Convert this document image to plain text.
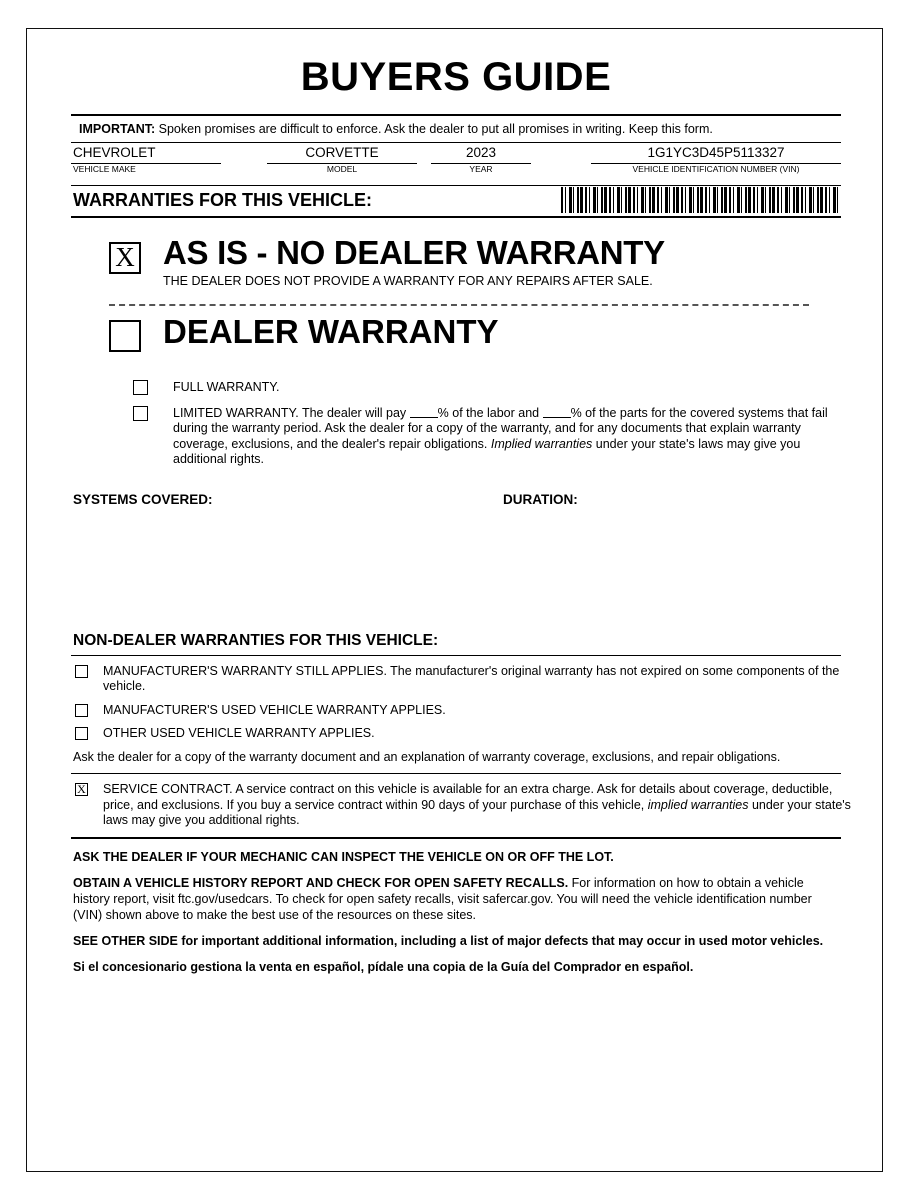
BUYERS GUIDE
IMPORTANT: Spoken promises are difficult to enforce. Ask the dealer to put all promises in writing. Keep this form.
CHEVROLET
VEHICLE MAKE
CORVETTE
MODEL
2023
YEAR
1G1YC3D45P5113327
VEHICLE IDENTIFICATION NUMBER (VIN)
WARRANTIES FOR THIS VEHICLE:
X AS IS - NO DEALER WARRANTY
THE DEALER DOES NOT PROVIDE A WARRANTY FOR ANY REPAIRS AFTER SALE.
DEALER WARRANTY
FULL WARRANTY.
LIMITED WARRANTY. The dealer will pay % of the labor and % of the parts for the covered systems that fail during the warranty period. Ask the dealer for a copy of the warranty, and for any documents that explain warranty coverage, exclusions, and the dealer's repair obligations. Implied warranties under your state's laws may give you additional rights.
SYSTEMS COVERED:	DURATION:
NON-DEALER WARRANTIES FOR THIS VEHICLE:
MANUFACTURER'S WARRANTY STILL APPLIES. The manufacturer's original warranty has not expired on some components of the vehicle.
MANUFACTURER'S USED VEHICLE WARRANTY APPLIES.
OTHER USED VEHICLE WARRANTY APPLIES.
Ask the dealer for a copy of the warranty document and an explanation of warranty coverage, exclusions, and repair obligations.
X SERVICE CONTRACT. A service contract on this vehicle is available for an extra charge. Ask for details about coverage, deductible, price, and exclusions. If you buy a service contract within 90 days of your purchase of this vehicle, implied warranties under your state's laws may give you additional rights.
ASK THE DEALER IF YOUR MECHANIC CAN INSPECT THE VEHICLE ON OR OFF THE LOT.
OBTAIN A VEHICLE HISTORY REPORT AND CHECK FOR OPEN SAFETY RECALLS. For information on how to obtain a vehicle history report, visit ftc.gov/usedcars. To check for open safety recalls, visit safercar.gov. You will need the vehicle identification number (VIN) shown above to make the best use of the resources on these sites.
SEE OTHER SIDE for important additional information, including a list of major defects that may occur in used motor vehicles.
Si el concesionario gestiona la venta en español, pídale una copia de la Guía del Comprador en español.
